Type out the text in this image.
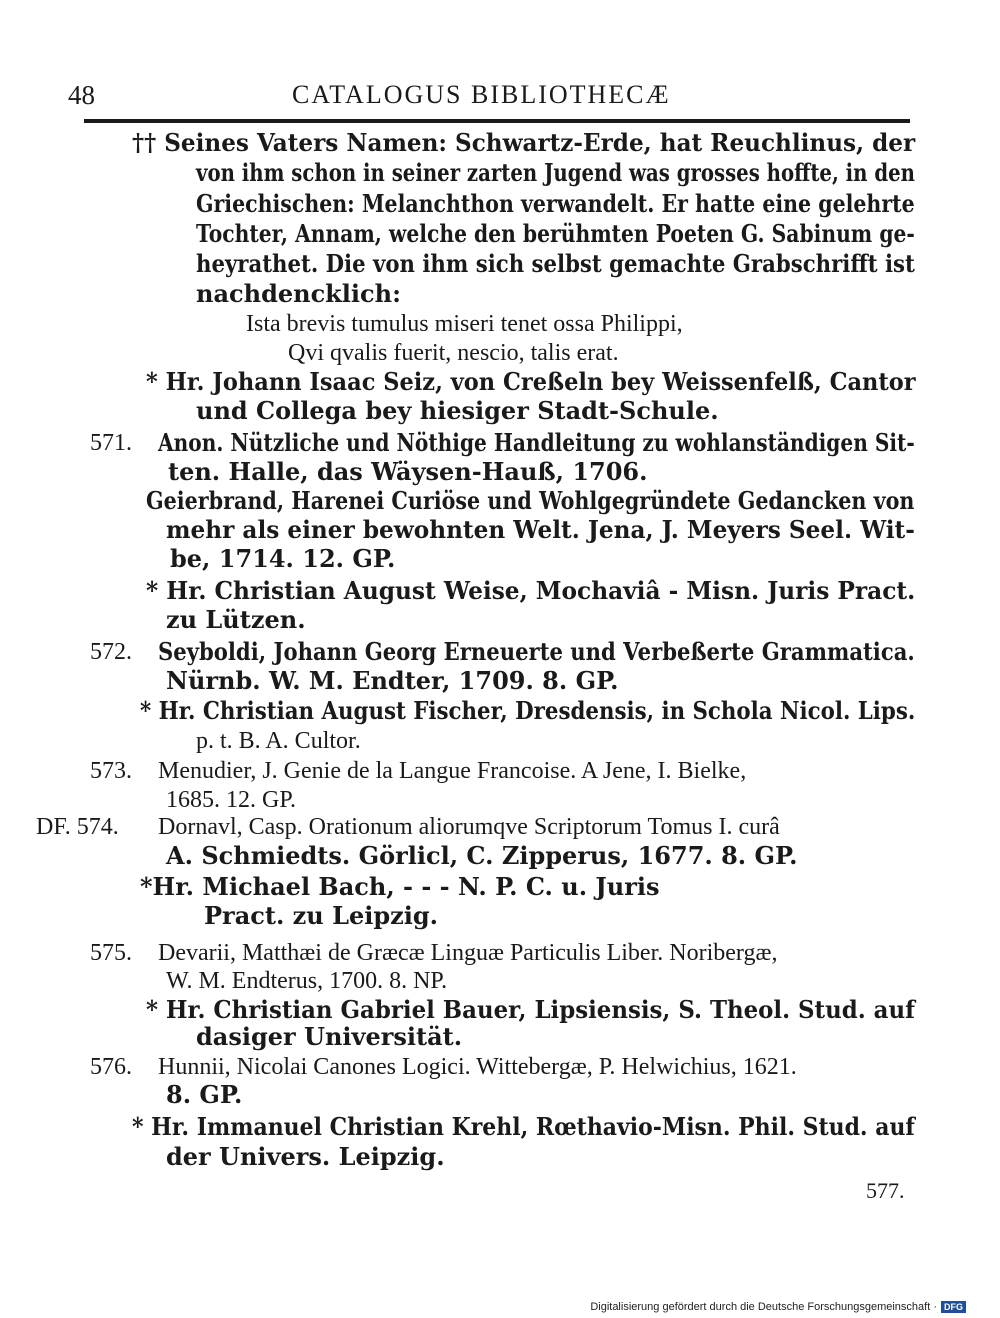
48	CATALOGUS BIBLIOTHECÆ
571.
572.
573.
DF. 574.
575.
576.
†† Seines Vaters Namen: Schwartz-Erde, hat Reuchlinus, der
von ihm schon in seiner zarten Jugend was grosses hoffte, in den
Griechischen: Melanchthon verwandelt. Er hatte eine gelehrte
Tochter, Annam, welche den berühmten Poeten G. Sabinum ge-
heyrathet. Die von ihm sich selbst gemachte Grabschrifft ist
nachdencklich:
Ista brevis tumulus miseri tenet ossa Philippi,
Qvi qvalis fuerit, nescio, talis erat.
* Hr. Johann Isaac Seiz, von Creßeln bey Weissenfelß, Cantor
und Collega bey hiesiger Stadt-Schule.
Anon. Nützliche und Nöthige Handleitung zu wohlanständigen Sit-
ten. Halle, das Wäysen-Hauß, 1706.
Geierbrand, Harenei Curiöse und Wohlgegründete Gedancken von
mehr als einer bewohnten Welt. Jena, J. Meyers Seel. Wit-
be, 1714. 12. GP.
* Hr. Christian August Weise, Mochaviâ - Misn. Juris Pract.
zu Lützen.
Seyboldi, Johann Georg Erneuerte und Verbeßerte Grammatica.
Nürnb. W. M. Endter, 1709. 8. GP.
* Hr. Christian August Fischer, Dresdensis, in Schola Nicol. Lips.
p. t. B. A. Cultor.
Menudier, J. Genie de la Langue Francoise. A Jene, I. Bielke,
1685. 12. GP.
Dornavl, Casp. Orationum aliorumqve Scriptorum Tomus I. curâ
A. Schmiedts. Görlicl, C. Zipperus, 1677. 8. GP.
*Hr. Michael Bach, - - - N. P. C. u. Juris
Pract. zu Leipzig.
Devarii, Matthæi de Græcæ Linguæ Particulis Liber. Noribergæ,
W. M. Endterus, 1700. 8. NP.
* Hr. Christian Gabriel Bauer, Lipsiensis, S. Theol. Stud. auf
dasiger Universität.
Hunnii, Nicolai Canones Logici. Wittebergæ, P. Helwichius, 1621.
8. GP.
* Hr. Immanuel Christian Krehl, Rœthavio-Misn. Phil. Stud. auf
der Univers. Leipzig.
577.
Digitalisierung gefördert durch die Deutsche Forschungsgemeinschaft · DFG
